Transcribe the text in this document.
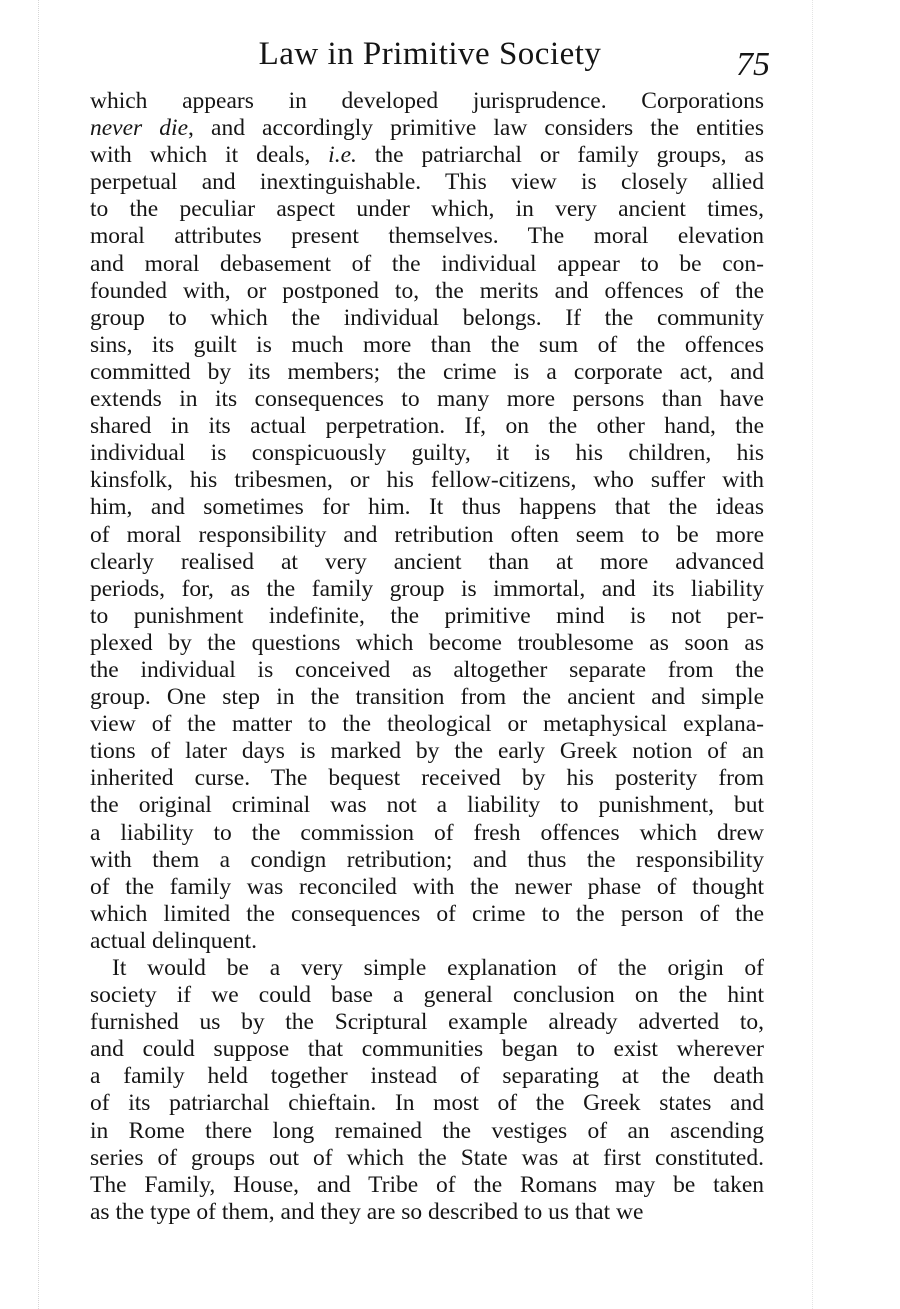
Law in Primitive Society	75
which appears in developed jurisprudence. Corporations
never die, and accordingly primitive law considers the entities
with which it deals, i.e. the patriarchal or family groups, as
perpetual and inextinguishable. This view is closely allied
to the peculiar aspect under which, in very ancient times,
moral attributes present themselves. The moral elevation
and moral debasement of the individual appear to be con-
founded with, or postponed to, the merits and offences of the
group to which the individual belongs. If the community
sins, its guilt is much more than the sum of the offences
committed by its members; the crime is a corporate act, and
extends in its consequences to many more persons than have
shared in its actual perpetration. If, on the other hand, the
individual is conspicuously guilty, it is his children, his
kinsfolk, his tribesmen, or his fellow-citizens, who suffer with
him, and sometimes for him. It thus happens that the ideas
of moral responsibility and retribution often seem to be more
clearly realised at very ancient than at more advanced
periods, for, as the family group is immortal, and its liability
to punishment indefinite, the primitive mind is not per-
plexed by the questions which become troublesome as soon as
the individual is conceived as altogether separate from the
group. One step in the transition from the ancient and simple
view of the matter to the theological or metaphysical explana-
tions of later days is marked by the early Greek notion of an
inherited curse. The bequest received by his posterity from
the original criminal was not a liability to punishment, but
a liability to the commission of fresh offences which drew
with them a condign retribution; and thus the responsibility
of the family was reconciled with the newer phase of thought
which limited the consequences of crime to the person of the
actual delinquent.
It would be a very simple explanation of the origin of
society if we could base a general conclusion on the hint
furnished us by the Scriptural example already adverted to,
and could suppose that communities began to exist wherever
a family held together instead of separating at the death
of its patriarchal chieftain. In most of the Greek states and
in Rome there long remained the vestiges of an ascending
series of groups out of which the State was at first constituted.
The Family, House, and Tribe of the Romans may be taken
as the type of them, and they are so described to us that we
